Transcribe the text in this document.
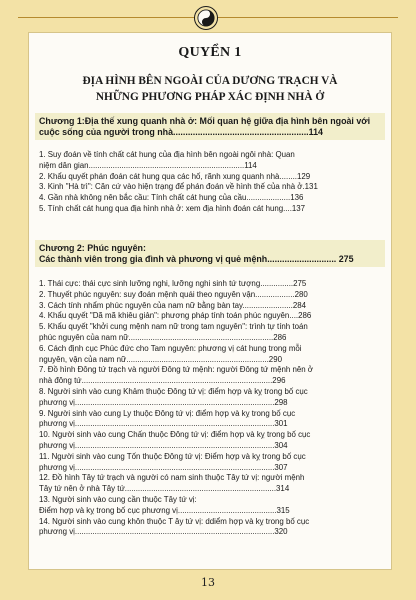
QUYỂN 1
ĐỊA HÌNH BÊN NGOÀI CỦA DƯƠNG TRẠCH VÀ
NHỮNG PHƯƠNG PHÁP XÁC ĐỊNH NHÀ Ở
Chương 1:Địa thế xung quanh nhà ở: Mối quan hệ giữa địa hình bên ngoài với
cuộc sống của người trong nhà.......................................................114
1. Suy đoán về tính chất cát hung của địa hình bên ngoài ngôi nhà: Quan
niệm dân gian.......................................................................114
2. Khẩu quyết phán đoán cát hung qua các hố, rãnh xung quanh nhà........129
3. Kinh "Hà trì": Căn cứ vào hiện trạng để phán đoán về hình thế của nhà ở.131
4. Gần nhà không nên bắc cầu: Tính chất cát hung của cầu....................136
5. Tính chất cát hung qua địa hình nhà ở: xem địa hình đoán cát hung....137
Chương 2: Phúc nguyên:
Các thành viên trong gia đình và phương vị quẻ mệnh............................ 275
1. Thái cực: thái cực sinh lưỡng nghi, lưỡng nghi sinh tứ tượng...............275
2. Thuyết phúc nguyên: suy đoán mệnh quái theo nguyên vận..................280
3. Cách tính nhẩm phúc nguyên của nam nữ bằng bàn tay.......................284
4. Khẩu quyết "Dã mã khiêu giản": phương pháp tính toán phúc nguyên....286
5. Khẩu quyết "khởi cung mệnh nam nữ trong tam nguyên": trình tự tính toán
phúc nguyên của nam nữ..................................................................286
6. Cách định cục Phúc đức cho Tam nguyên: phương vị cát hung trong mỗi
nguyên, vận của nam nữ.................................................................290
7. Đồ hình Đông tứ trạch và người Đông tứ mệnh: người Đông tứ mệnh nên ở
nhà đông tứ.......................................................................................296
8. Người sinh vào cung Khảm thuộc Đông tứ vị: điểm hợp và kỵ trong bố cục
phương vị...........................................................................................298
9. Người sinh vào cung Ly thuộc Đông tứ vị: điểm hợp và kỵ trong bố cục
phương vị...........................................................................................301
10. Người sinh vào cung Chấn thuộc Đông tứ vị: điểm hợp và kỵ trong bố cục
phương vị...........................................................................................304
11. Người sinh vào cung Tốn thuộc Đông tứ vị: Điểm hợp và kỵ trong bố cục
phương vị...........................................................................................307
12. Đồ hình Tây tứ trạch và người có nam sinh thuộc Tây tứ vị: người mệnh
Tây tứ nên ở nhà Tây tứ.....................................................................314
13. Người sinh vào cung cần thuộc Tây tứ vị:
Điểm hợp và kỵ trong bố cục phương vị.............................................315
14. Người sinh vào cung khôn thuộc T ây tứ vị: ddiểm hợp và kỵ trong bố cục
phương vị...........................................................................................320
13
